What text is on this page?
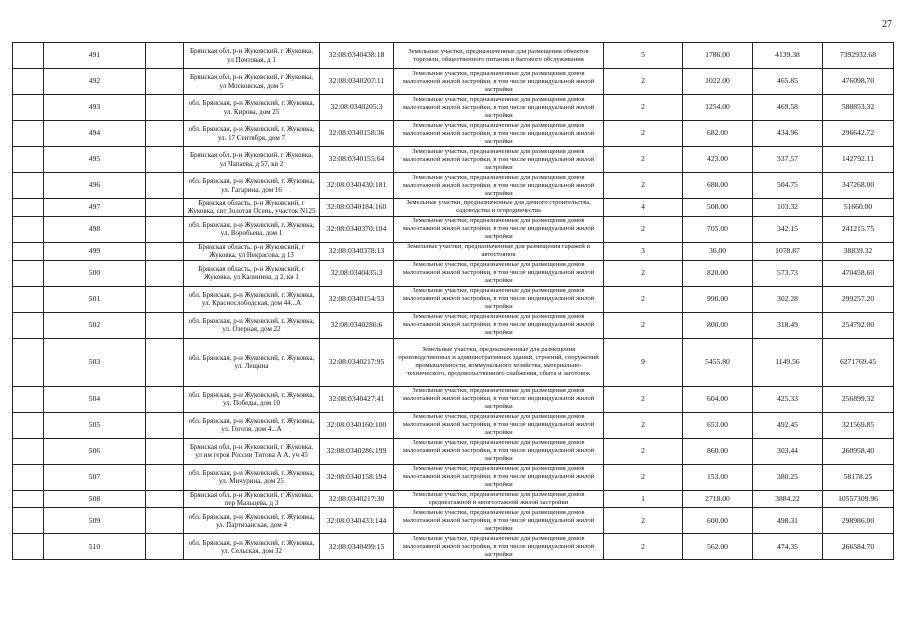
27
	491		Брянская обл, р-н Жуковский, г Жуковка, ул Почтовая, д 1	32:08:0340438:18	Земельные участки, предназначенные для размещения объектов торговли, общественного питания и бытового обслуживания	5	1786.00	4139.38	7392932.68
	492		Брянская обл, р-н Жуковский, г Жуковка, ул Московская, дом 5	32:08:0340207:11	Земельные участки, предназначенные для размещения домов малоэтажной жилой застройки, в том числе индивидуальной жилой застройки	2	1022.00	465.85	476098.70
	493		обл. Брянская, р-н Жуковский, г. Жуковка, ул. Кирова, дом 25	32:08:0340205:3	Земельные участки, предназначенные для размещения домов малоэтажной жилой застройки, в том числе индивидуальной жилой застройки	2	1254.00	469.58	588853.32
	494		обл. Брянская, р-н Жуковский, г. Жуковка, ул. 17 Сентября, дом 7	32:08:0340158:36	Земельные участки, предназначенные для размещения домов малоэтажной жилой застройки, в том числе индивидуальной жилой застройки	2	682.00	434.96	296642.72
	495		Брянская обл, р-н Жуковский, г Жуковка, ул Чапаева, д 57, кв 2	32:08:0340155:64	Земельные участки, предназначенные для размещения домов малоэтажной жилой застройки, в том числе индивидуальной жилой застройки	2	423.00	337.57	142792.11
	496		обл. Брянская, р-н Жуковский, г. Жуковка, ул. Гагарина, дом 16	32:08:0340430:181	Земельные участки, предназначенные для размещения домов малоэтажной жилой застройки, в том числе индивидуальной жилой застройки	2	688.00	504.75	347268.00
	497		Брянская область, р-н Жуковский, г Жуковка, снт Золотая Осень, участок N125	32:08:0340184:160	Земельные участки, предназначенные для дачного строительства, садоводства и огородничества	4	500.00	103.32	51660.00
	498		обл. Брянская, р-н Жуковский, г. Жуковка, ул. Воробьева, дом 1	32:08:0340370:104	Земельные участки, предназначенные для размещения домов малоэтажной жилой застройки, в том числе индивидуальной жилой застройки	2	705.00	342.15	241215.75
	499		Брянская область, р-н Жуковский, г Жуковка, ул Некрасова, д 13	32:08:0340378:13	Земельные участки, предназначенные для размещения гаражей и автостоянок	3	36.00	1078.87	38839.32
	500		Брянская область, р-н Жуковский, г Жуковка, ул Калинина, д 2, кв 1	32:08:0340435:3	Земельные участки, предназначенные для размещения домов малоэтажной жилой застройки, в том числе индивидуальной жилой застройки	2	820.00	573.73	470458.60
	501		обл. Брянская, р-н Жуковский, г. Жуковка, ул. Краснослободская, дом 44...А	32:08:0340154:53	Земельные участки, предназначенные для размещения домов малоэтажной жилой застройки, в том числе индивидуальной жилой застройки	2	990.00	302.28	299257.20
	502		обл. Брянская, р-н Жуковский, г. Жуковка, ул. Озерная, дом 22	32:08:0340286:6	Земельные участки, предназначенные для размещения домов малоэтажной жилой застройки, в том числе индивидуальной жилой застройки	2	800.00	318.49	254792.00
	503		обл. Брянская, р-н Жуковский, г. Жуковка, ул. Лещина	32:08:0340217:95	Земельные участки, предназначенные для размещения производственных и административных зданий, строений, сооружений промышленности, коммунального хозяйства, материально-технического, продовольственного снабжения, сбыта и заготовок	9	5455.80	1149.56	6271769.45
	504		обл. Брянская, р-н Жуковский, г. Жуковка, ул. Победы, дом 10	32:08:0340427:41	Земельные участки, предназначенные для размещения домов малоэтажной жилой застройки, в том числе индивидуальной жилой застройки	2	604.00	425.33	256899.32
	505		обл. Брянская, р-н Жуковский, г. Жуковка, ул. Гоголя, дом 4...А	32:08:0340160:100	Земельные участки, предназначенные для размещения домов малоэтажной жилой застройки, в том числе индивидуальной жилой застройки	2	653.00	492.45	321569.85
	506		Брянская обл, р-н Жуковский, г Жуковка, ул им героя России Титова А А, уч 45	32:08:0340286:199	Земельные участки, предназначенные для размещения домов малоэтажной жилой застройки, в том числе индивидуальной жилой застройки	2	860.00	303.44	260958.40
	507		обл. Брянская, р-н Жуковский, г. Жуковка, ул. Мичурина, дом 25	32:08:0340158:194	Земельные участки, предназначенные для размещения домов малоэтажной жилой застройки, в том числе индивидуальной жилой застройки	2	153.00	380.25	58178.25
	508		Брянская обл, р-н Жуковский, г Жуковка, пер Мальцева, д 3	32:08:0340217:30	Земельные участки, предназначенные для размещения домов среднеэтажной и многоэтажной жилой застройки	1	2718.00	3884.22	10557309.96
	509		обл. Брянская, р-н Жуковский, г. Жуковка, ул. Партизанская, дом 4	32:08:0340433:144	Земельные участки, предназначенные для размещения домов малоэтажной жилой застройки, в том числе индивидуальной жилой застройки	2	600.00	498.31	298986.00
	510		обл. Брянская, р-н Жуковский, г. Жуковка, ул. Сельская, дом 32	32:08:0340499:15	Земельные участки, предназначенные для размещения домов малоэтажной жилой застройки, в том числе индивидуальной жилой застройки	2	562.00	474.35	266584.70
